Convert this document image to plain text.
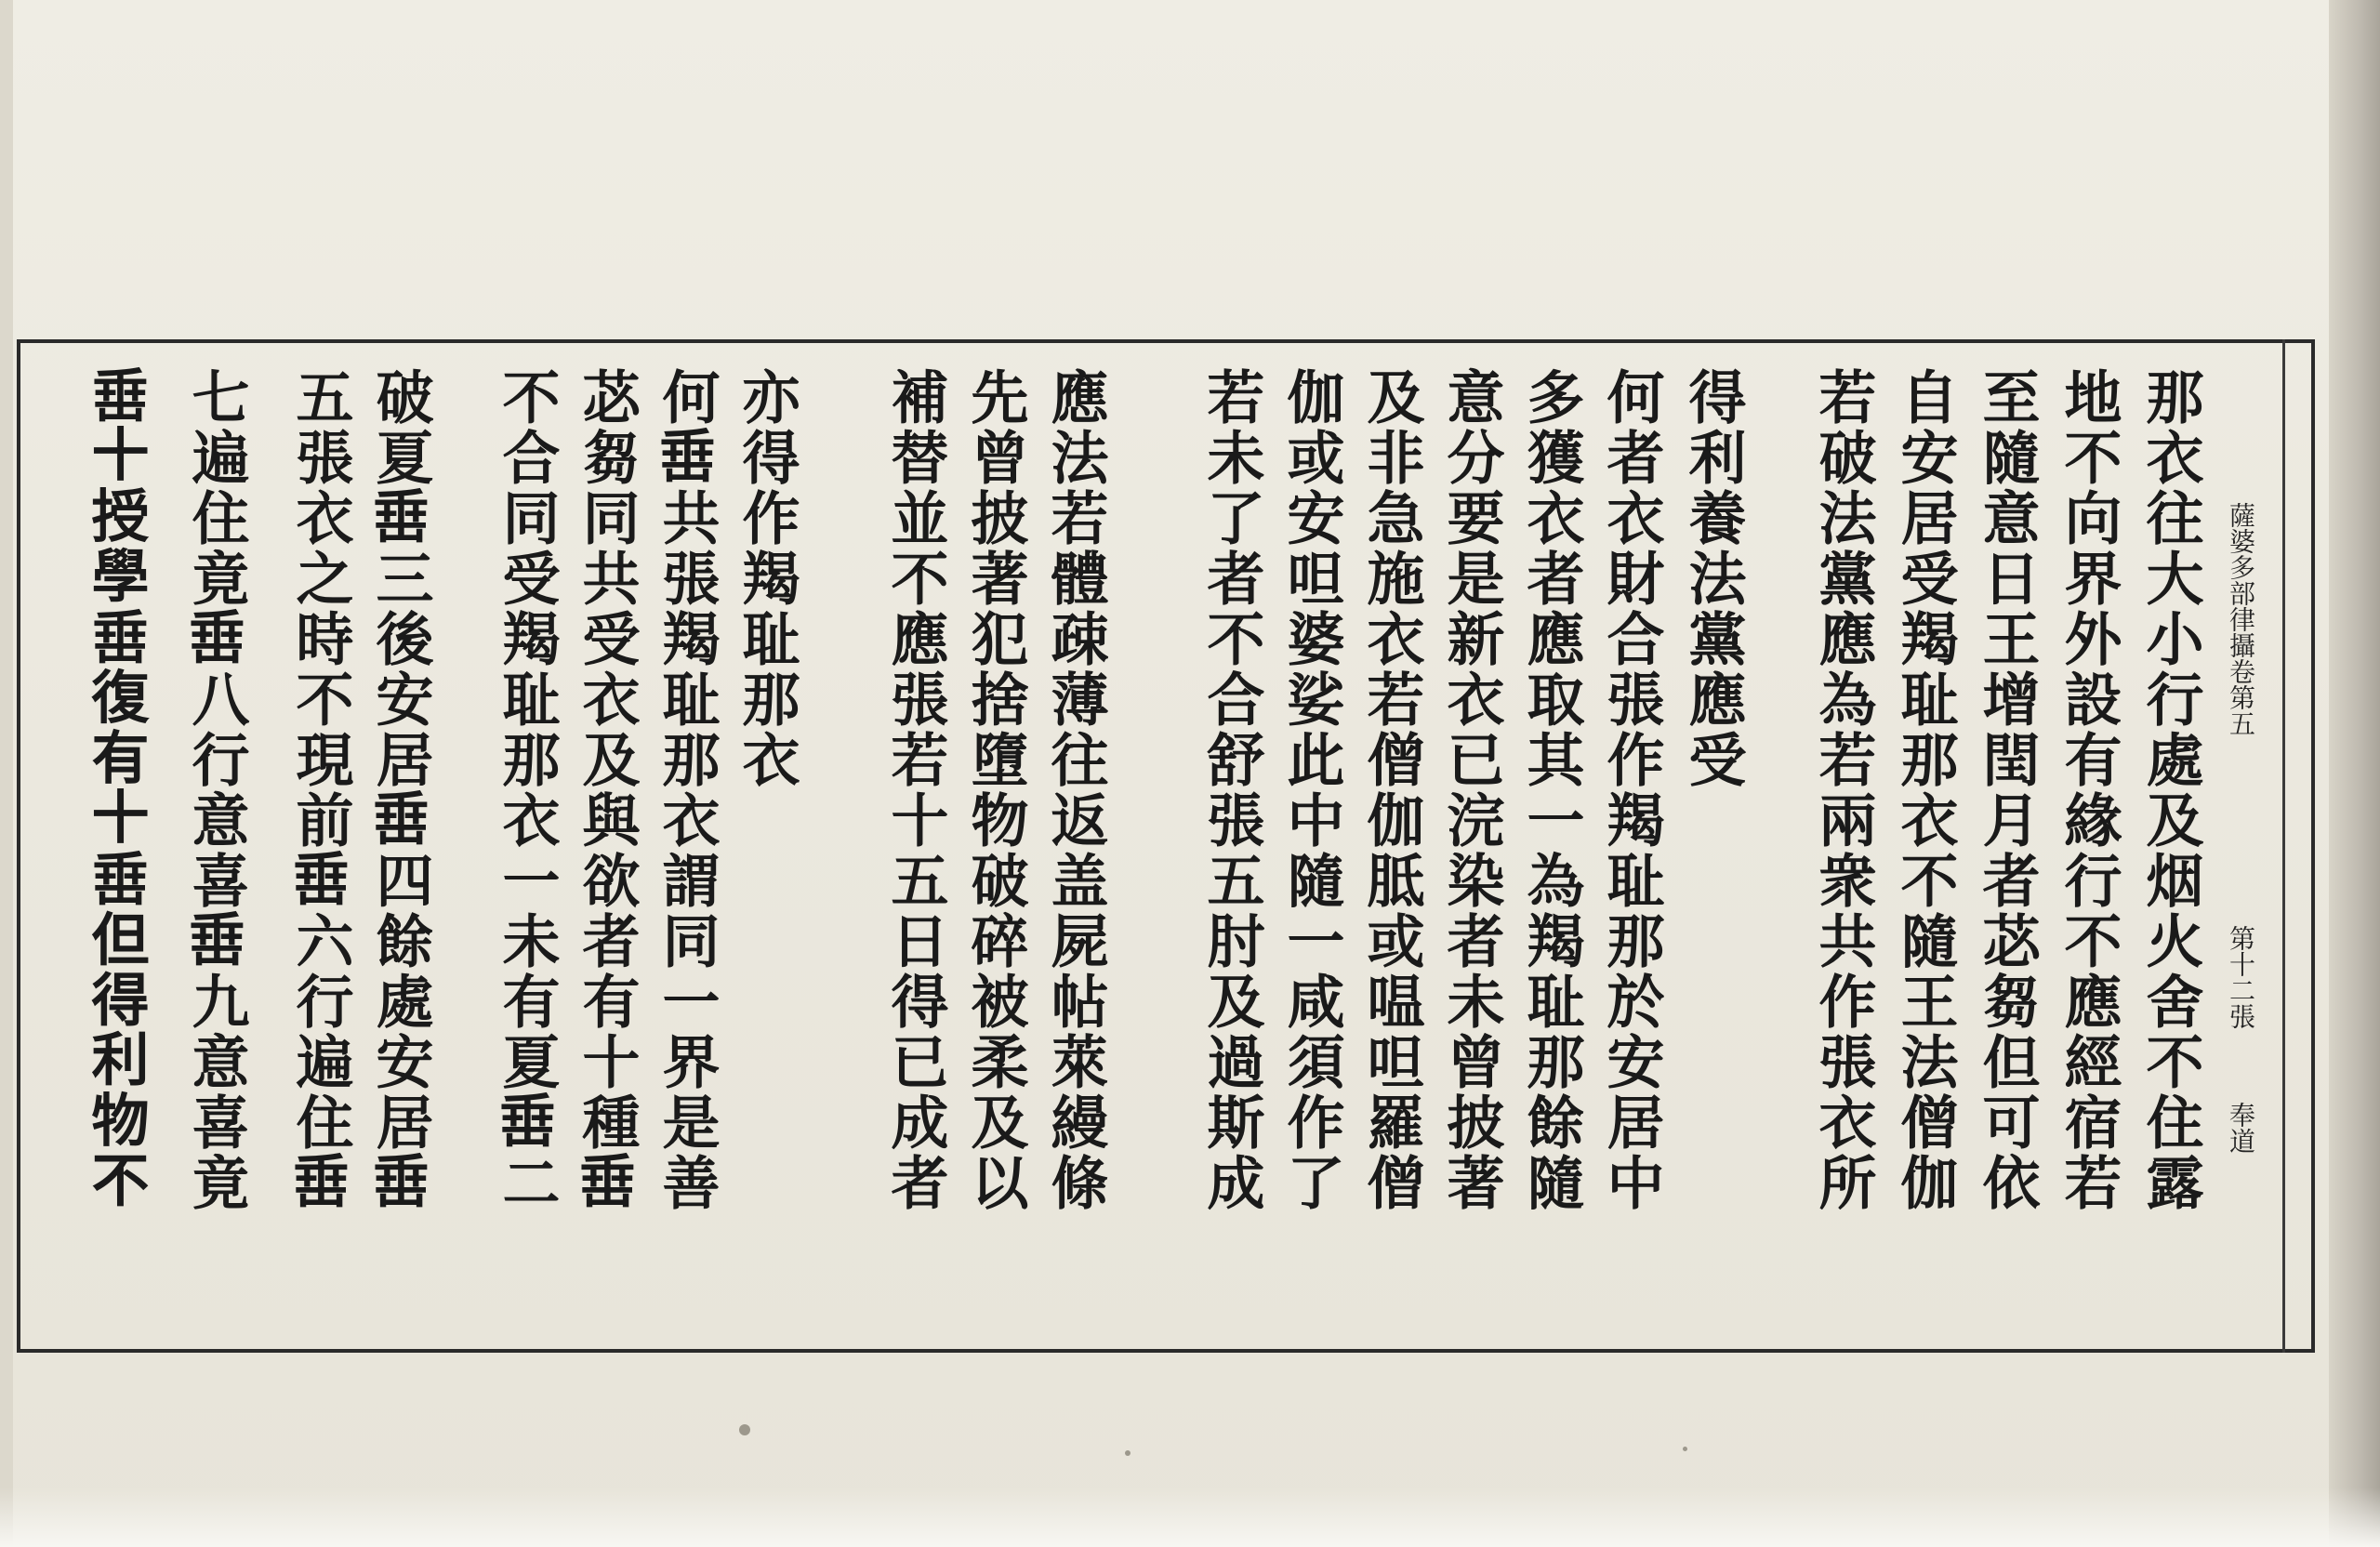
薩婆多部律攝卷第五
第十二張
奉道
那衣往大小行處及烟火舍不住露
地不向界外設有緣行不應經宿若
至隨意日王增閏月者苾芻但可依
自安居受羯耻那衣不隨王法僧伽
若破法黨應為若兩衆共作張衣所
得利養法黨應受
何者衣財合張作羯耻那於安居中
多獲衣者應取其一為羯耻那餘隨
意分要是新衣已浣染者未曾披著
及非急施衣若僧伽胝或嗢呾羅僧
伽或安呾婆娑此中隨一咸須作了
若未了者不合舒張五肘及過斯成
應法若體疎薄往返盖屍帖萊縵條
先曾披著犯捨墮物破碎被柔及以
補替並不應張若十五日得已成者
亦得作羯耻那衣
何𡸁共張羯耻那衣謂同一界是善
苾芻同共受衣及與欲者有十種𡸁
不合同受羯耻那衣一未有夏𡸁二
破夏𡸁三後安居𡸁四餘處安居𡸁
五張衣之時不現前𡸁六行遍住𡸁
七遍住竟𡸁八行意喜𡸁九意喜竟
𡸁十授學𡸁復有十𡸁但得利物不
